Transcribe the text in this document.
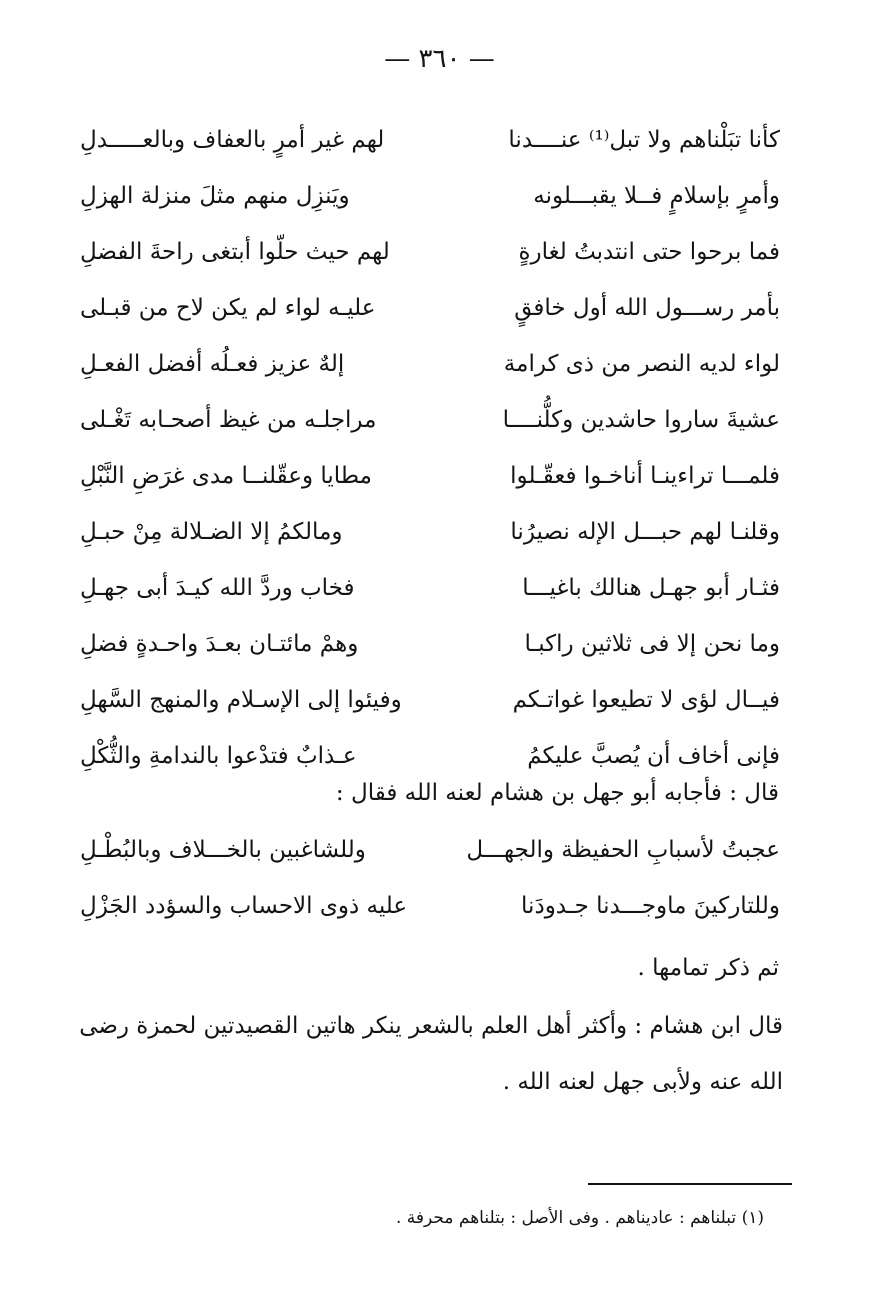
— ٣٦٠ —
كأنا تبَلْناهم ولا تبل⁽¹⁾ عنــــدنا
لهم غير أمرٍ بالعفاف وبالعـــــدلِ
وأمرٍ بإسلامٍ فــلا يقبـــلونه
ويَنزِل منهم مثلَ منزلة الهزلِ
فما برحوا حتى انتدبتُ لغارةٍ
لهم حيث حلّوا أبتغى راحةَ الفضلِ
بأمر رســـول الله أول خافقٍ
عليـه لواء لم يكن لاح من قبـلى
لواء لديه النصر من ذى كرامة
إلهٌ عزيز فعـلُه أفضل الفعـلِ
عشيةَ ساروا حاشدين وكلُّنــــا
مراجلـه من غيظ أصحـابه تَغْـلى
فلمـــا تراءينـا أناخـوا فعقّـلوا
مطايا وعقّلنــا مدى غرَضِ النَّبْلِ
وقلنـا لهم حبـــل الإله نصيرُنا
ومالكمُ إلا الضـلالة مِنْ حبـلِ
فثـار أبو جهـل هنالك باغيـــا
فخاب وردَّ الله كيـدَ أبى جهـلِ
وما نحن إلا فى ثلاثين راكبـا
وهمْ مائتـان بعـدَ واحـدةٍ فضلِ
فيــال لؤى لا تطيعوا غواتـكم
وفيئوا إلى الإسـلام والمنهج السَّهلِ
فإنى أخاف أن يُصبَّ عليكمُ
عـذابٌ فتدْعوا بالندامةِ والثُّكْلِ
قال : فأجابه أبو جهل بن هشام لعنه الله فقال :
عجبتُ لأسبابِ الحفيظة والجهـــل
وللشاغبين بالخـــلاف وبالبُطْـلِ
وللتاركينَ ماوجـــدنا جـدودَنا
عليه ذوى الاحساب والسؤدد الجَزْلِ
ثم ذكر تمامها .
قال ابن هشام : وأكثر أهل العلم بالشعر ينكر هاتين القصيدتين لحمزة رضى الله عنه ولأبى جهل لعنه الله .
(١) تبلناهم : عاديناهم . وفى الأصل : بتلناهم محرفة .
